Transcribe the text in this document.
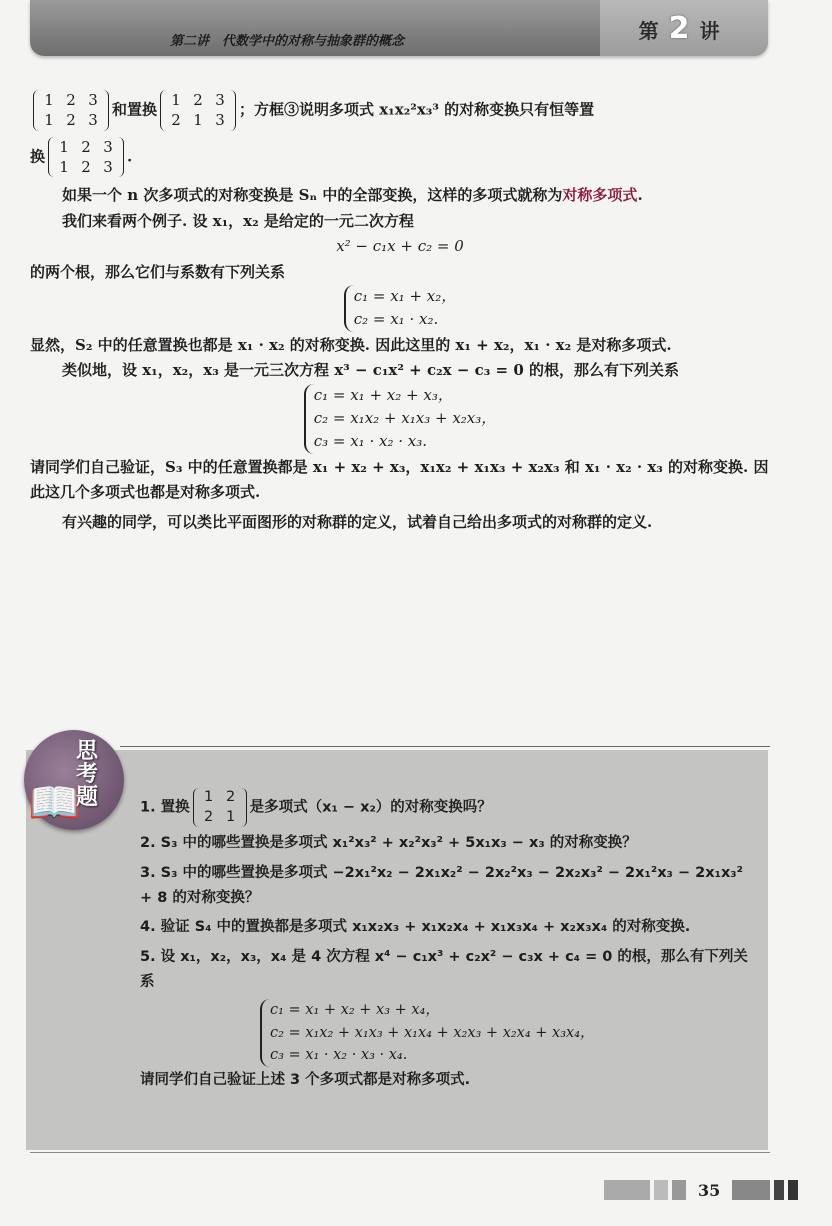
第二讲　代数学中的对称与抽象群的概念	第2 讲

1 2 3
1 2 3和置换1 2 3
2 1 3；方框③说明多项式 x₁x₂²x₃³ 的对称变换只有恒等置

换1 2 3
1 2 3.

如果一个 n 次多项式的对称变换是 Sₙ 中的全部变换，这样的多项式就称为对称多项式.

我们来看两个例子. 设 x₁，x₂ 是给定的一元二次方程

x² − c₁x + c₂ = 0

的两个根，那么它们与系数有下列关系

c₁ = x₁ + x₂，
c₂ = x₁ · x₂.

显然，S₂ 中的任意置换也都是 x₁ · x₂ 的对称变换. 因此这里的 x₁ + x₂，x₁ · x₂ 是对称多项式.

类似地，设 x₁，x₂，x₃ 是一元三次方程 x³ − c₁x² + c₂x − c₃ = 0 的根，那么有下列关系

c₁ = x₁ + x₂ + x₃，
c₂ = x₁x₂ + x₁x₃ + x₂x₃，
c₃ = x₁ · x₂ · x₃.

请同学们自己验证，S₃ 中的任意置换都是 x₁ + x₂ + x₃，x₁x₂ + x₁x₃ + x₂x₃ 和 x₁ · x₂ · x₃ 的对称变换. 因此这几个多项式也都是对称多项式.

有兴趣的同学，可以类比平面图形的对称群的定义，试着自己给出多项式的对称群的定义.

📖
思考题	1. 置换1 2
2 1是多项式（x₁ − x₂）的对称变换吗？

2. S₃ 中的哪些置换是多项式 x₁²x₃² + x₂²x₃² + 5x₁x₃ − x₃ 的对称变换？

3. S₃ 中的哪些置换是多项式 −2x₁²x₂ − 2x₁x₂² − 2x₂²x₃ − 2x₂x₃² − 2x₁²x₃ − 2x₁x₃² + 8 的对称变换？

4. 验证 S₄ 中的置换都是多项式 x₁x₂x₃ + x₁x₂x₄ + x₁x₃x₄ + x₂x₃x₄ 的对称变换.

5. 设 x₁，x₂，x₃，x₄ 是 4 次方程 x⁴ − c₁x³ + c₂x² − c₃x + c₄ = 0 的根，那么有下列关系

c₁ = x₁ + x₂ + x₃ + x₄，
c₂ = x₁x₂ + x₁x₃ + x₁x₄ + x₂x₃ + x₂x₄ + x₃x₄，
c₃ = x₁ · x₂ · x₃ · x₄.

请同学们自己验证上述 3 个多项式都是对称多项式.

35
